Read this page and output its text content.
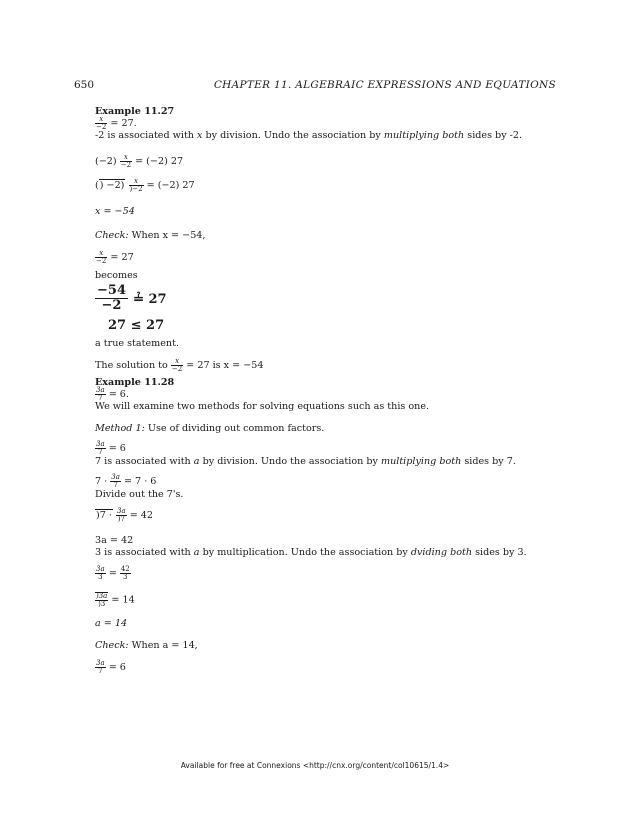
650	CHAPTER 11. ALGEBRAIC EXPRESSIONS AND EQUATIONS
Example 11.27
$\frac{x}{-2} = 27$.
-2 is associated with x by division. Undo the association by multiplying both sides by -2.
$(-2) \frac{x}{-2} = (-2)$ 27
() $-2) \frac{x}{)-2} = (-2)$ 27
x = −54
Check: When x = −54,
$\frac{x}{-2} = 27$
becomes
$\frac{-54}{-2}$ ≟ 27
27 ≤ 27
a true statement.
The solution to $\frac{x}{-2} = 27$ is x = −54
Example 11.28
$\frac{3a}{7} = 6$.
We will examine two methods for solving equations such as this one.
Method 1: Use of dividing out common factors.
$\frac{3a}{7} = 6$
7 is associated with a by division. Undo the association by multiplying both sides by 7.
$7 \cdot \frac{3a}{7} = 7 \cdot 6$
Divide out the 7's.
)$7 \cdot \frac{3a}{)7} = 42$
3a = 42
3 is associated with a by multiplication. Undo the association by dviding both sides by 3.
$\frac{3a}{3} = \frac{42}{3}$
$\frac{)3a}{)3} = 14$
a = 14
Check: When a = 14,
$\frac{3a}{7} = 6$
Available for free at Connexions <http://cnx.org/content/col10615/1.4>
